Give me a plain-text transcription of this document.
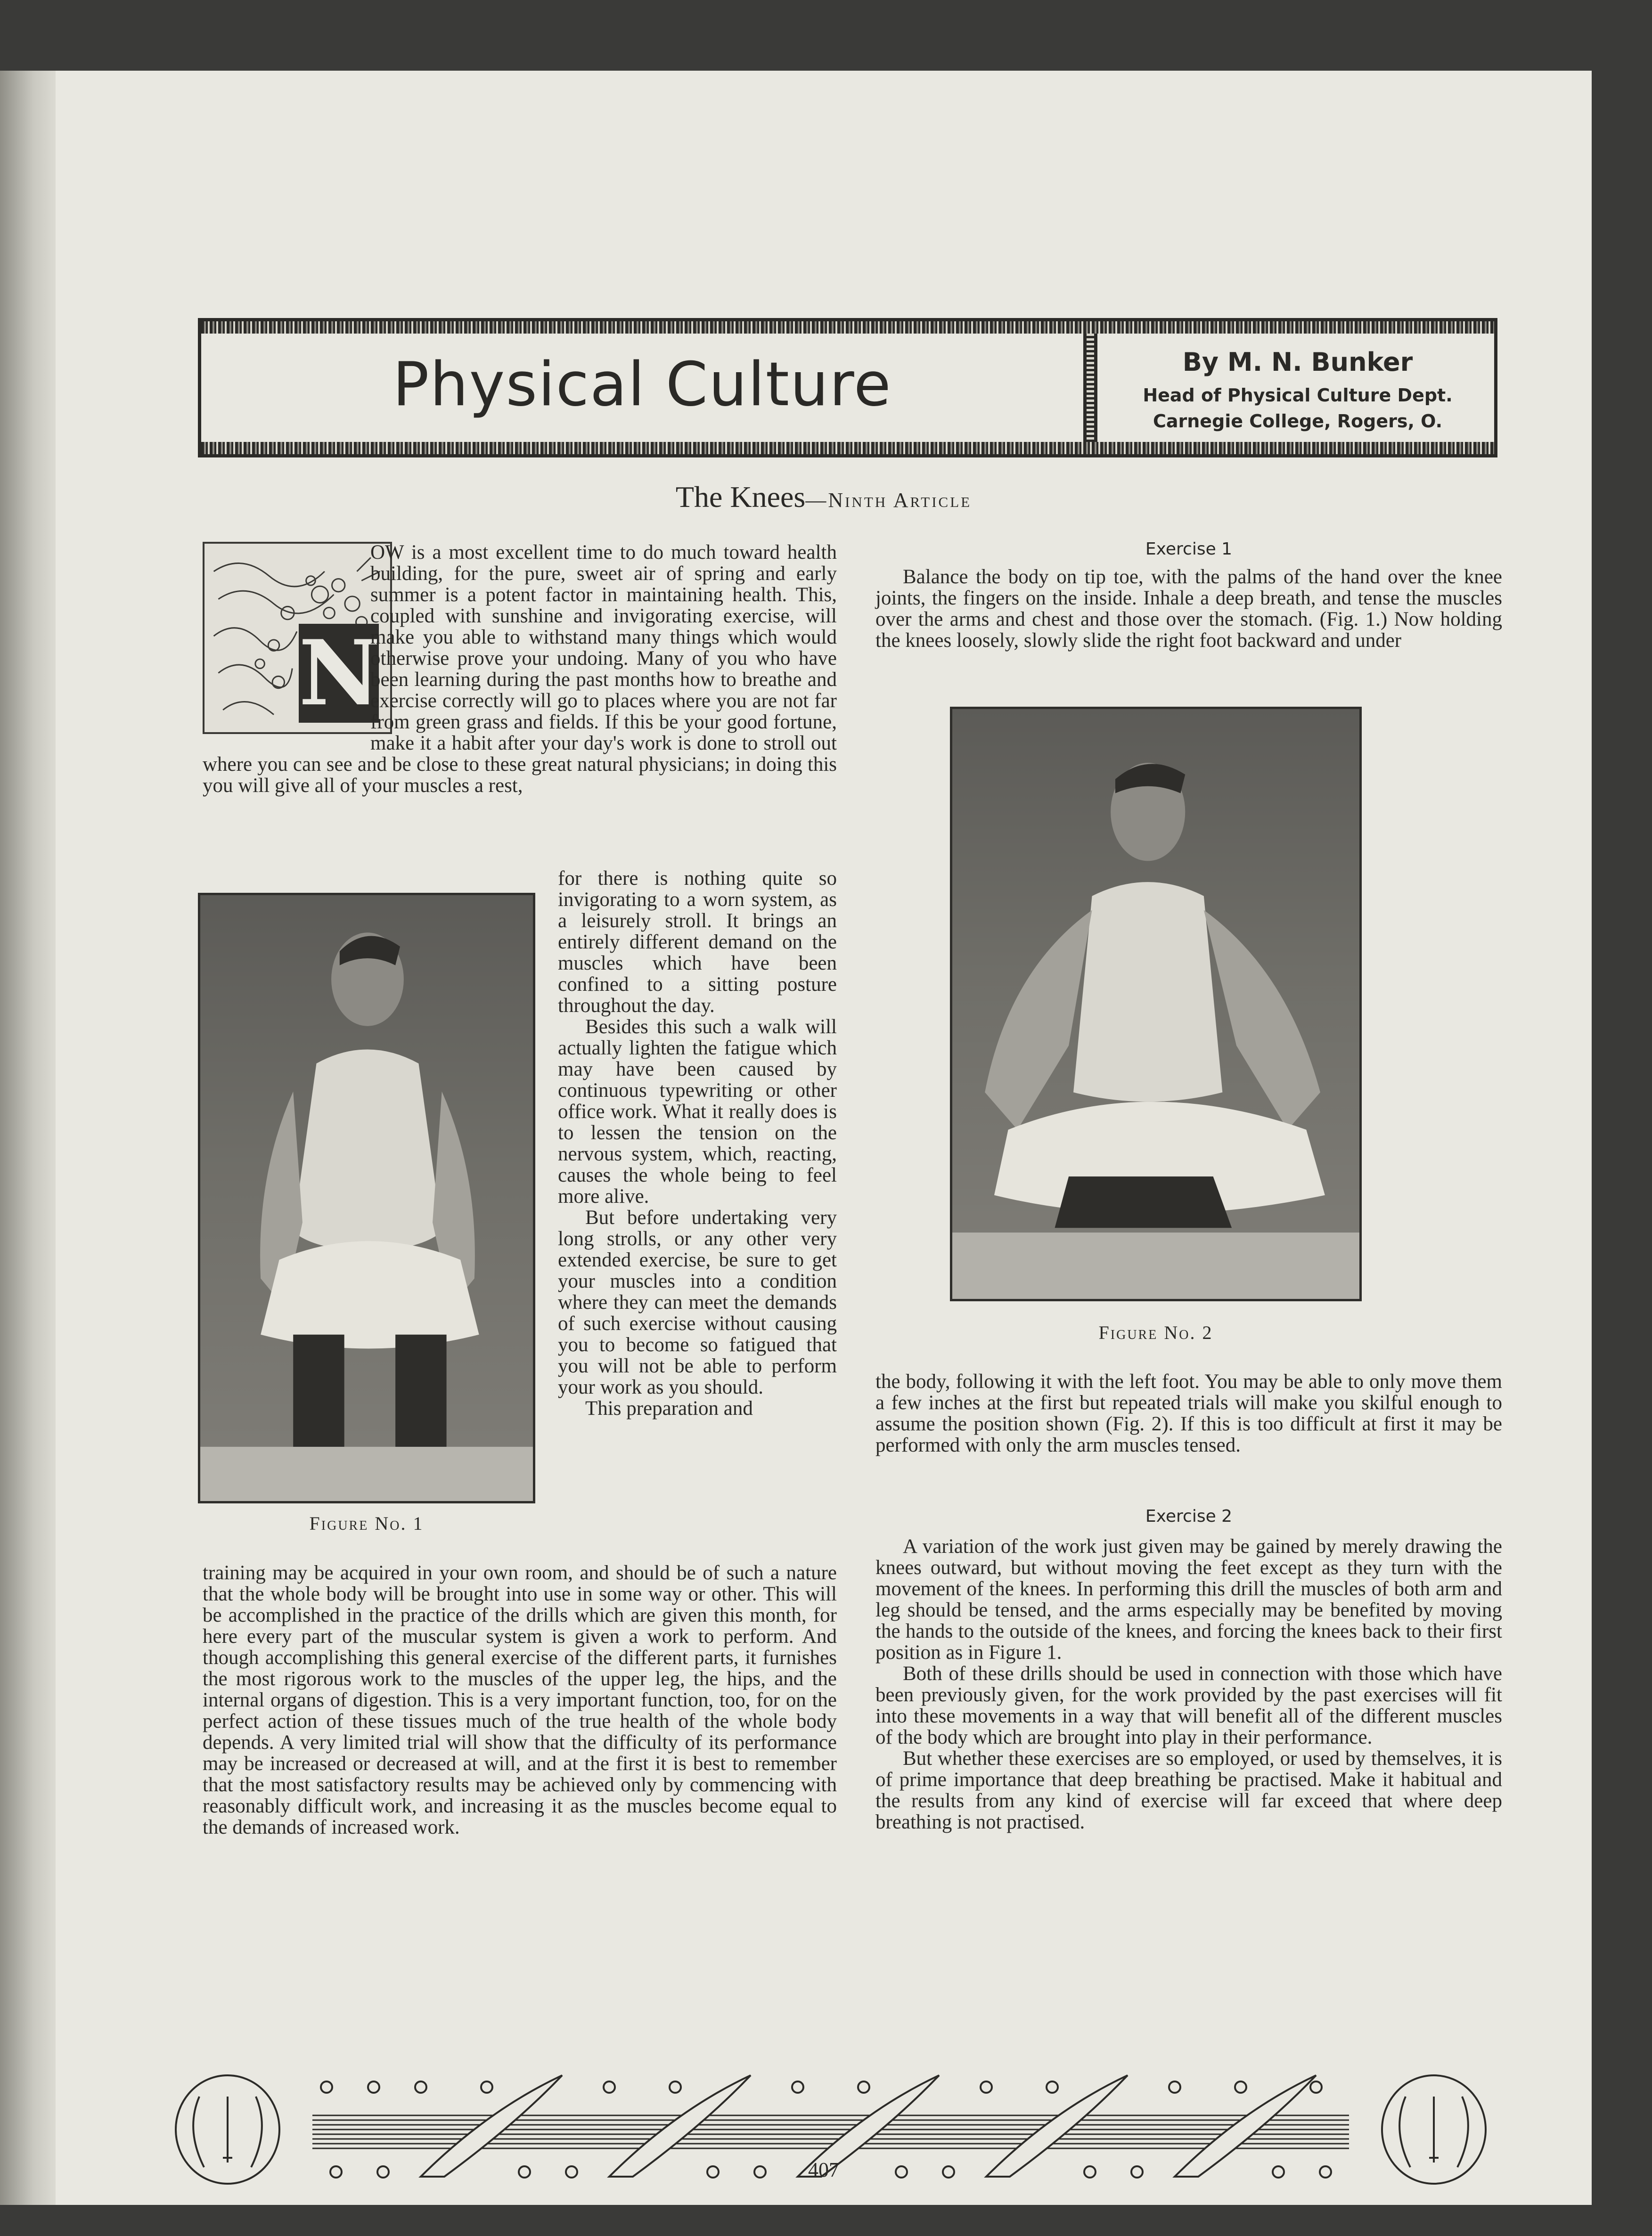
Physical Culture	By M. N. Bunker
Head of Physical Culture Dept.
Carnegie College, Rogers, O.
The Knees—Ninth Article
N

OW is a most excellent time to do much toward health building, for the pure, sweet air of spring and early summer is a potent factor in maintaining health. This, coupled with sunshine and invigorating exercise, will make you able to withstand many things which would otherwise prove your undoing. Many of you who have been learning during the past months how to breathe and exercise correctly will go to places where you are not far from green grass and fields. If this be your good fortune, make it a habit after your day's work is done to stroll out where you can see and be close to these great natural physicians; in doing this you will give all of your muscles a rest,

for there is nothing quite so invigorating to a worn system, as a leisurely stroll. It brings an entirely different demand on the muscles which have been confined to a sitting posture throughout the day.

Besides this such a walk will actually lighten the fatigue which may have been caused by continuous typewriting or other office work. What it really does is to lessen the tension on the nervous system, which, reacting, causes the whole being to feel more alive.

But before undertaking very long strolls, or any other very extended exercise, be sure to get your muscles into a condition where they can meet the demands of such exercise without causing you to become so fatigued that you will not be able to perform your work as you should.

This preparation and

training may be acquired in your own room, and should be of such a nature that the whole body will be brought into use in some way or other. This will be accomplished in the practice of the drills which are given this month, for here every part of the muscular system is given a work to perform. And though accomplishing this general exercise of the different parts, it furnishes the most rigorous work to the muscles of the upper leg, the hips, and the internal organs of digestion. This is a very important function, too, for on the perfect action of these tissues much of the true health of the whole body depends. A very limited trial will show that the difficulty of its performance may be increased or decreased at will, and at the first it is best to remember that the most satisfactory results may be achieved only by commencing with reasonably difficult work, and increasing it as the muscles become equal to the demands of increased work.

Figure No. 1
Exercise 1

Balance the body on tip toe, with the palms of the hand over the knee joints, the fingers on the inside. Inhale a deep breath, and tense the muscles over the arms and chest and those over the stomach. (Fig. 1.) Now holding the knees loosely, slowly slide the right foot backward and under

Figure No. 2

the body, following it with the left foot. You may be able to only move them a few inches at the first but repeated trials will make you skilful enough to assume the position shown (Fig. 2). If this is too difficult at first it may be performed with only the arm muscles tensed.

Exercise 2

A variation of the work just given may be gained by merely drawing the knees outward, but without moving the feet except as they turn with the movement of the knees. In performing this drill the muscles of both arm and leg should be tensed, and the arms especially may be benefited by moving the hands to the outside of the knees, and forcing the knees back to their first position as in Figure 1.

Both of these drills should be used in connection with those which have been previously given, for the work provided by the past exercises will fit into these movements in a way that will benefit all of the different muscles of the body which are brought into play in their performance.

But whether these exercises are so employed, or used by themselves, it is of prime importance that deep breathing be practised. Make it habitual and the results from any kind of exercise will far exceed that where deep breathing is not practised.

407
